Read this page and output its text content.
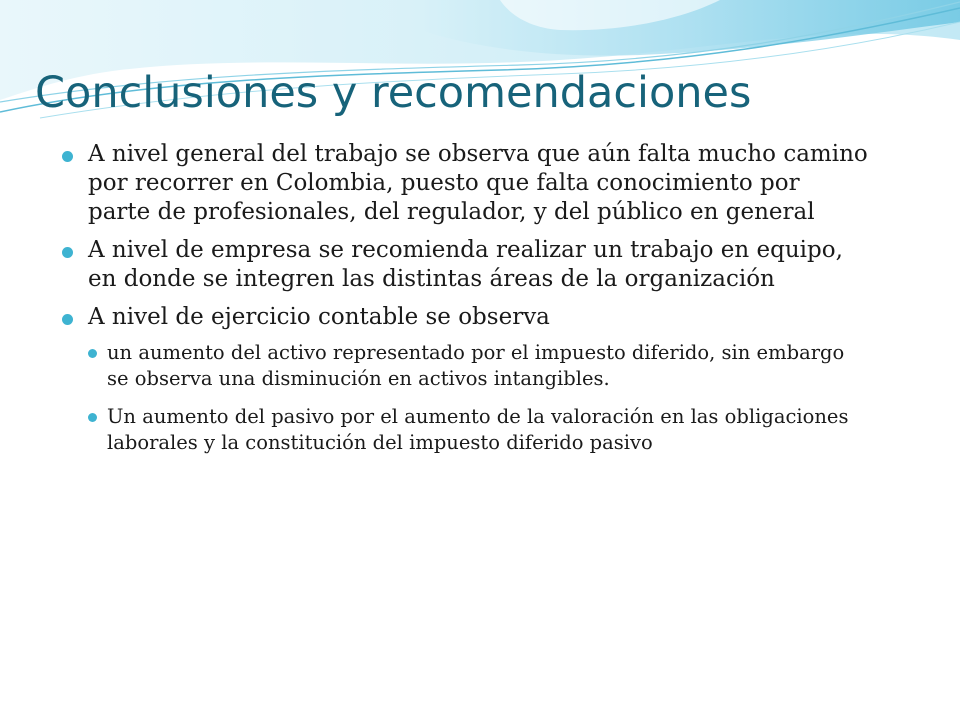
Conclusiones y recomendaciones
A nivel general del trabajo se observa que aún falta mucho camino por recorrer en Colombia, puesto que falta conocimiento por parte de profesionales, del regulador, y del público en general
A nivel de empresa se recomienda realizar un trabajo en equipo, en donde se integren las distintas áreas de la organización
A nivel de ejercicio contable se observa
un aumento del activo representado por el impuesto diferido, sin embargo se observa una disminución en activos intangibles.
Un aumento del pasivo por el aumento de la valoración en las obligaciones laborales y la constitución del impuesto diferido pasivo
